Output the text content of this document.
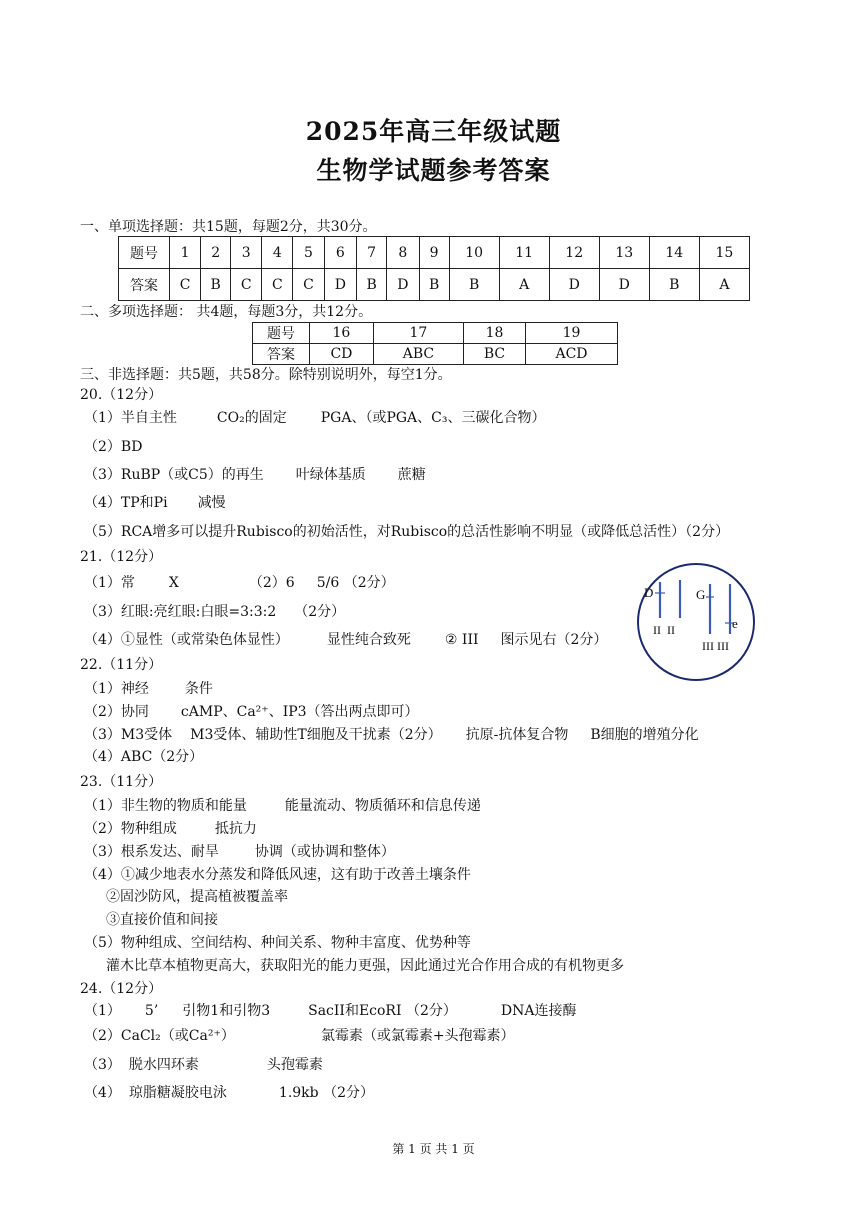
2025年高三年级试题
生物学试题参考答案
一、单项选择题：共15题，每题2分，共30分。
题号	1	2	3	4	5	6	7	8	9	10	11	12	13	14	15
答案	C	B	C	C	C	D	B	D	B	B	A	D	D	B	A
二、多项选择题： 共4题，每题3分，共12分。
题号	16	17	18	19
答案	CD	ABC	BC	ACD
三、非选择题：共5题，共58分。除特别说明外，每空1分。
20.（12分）
（1）半自主性	CO₂的固定 PGA、（或PGA、C₃、三碳化合物）
（2）BD
（3）RuBP（或C5）的再生 叶绿体基质 蔗糖
（4）TP和Pi 减慢
（5）RCA增多可以提升Rubisco的初始活性，对Rubisco的总活性影响不明显（或降低总活性）（2分）
21.（12分）
（1）常 X	（2）6 5/6 （2分）
（3）红眼:亮红眼:白眼=3:3:2 （2分）
（4）①显性（或常染色体显性）	显性纯合致死 ② III 图示见右（2分）
D	G
e
II  II
III III
22.（11分）
（1）神经	条件
（2）协同 cAMP、Ca²⁺、IP3（答出两点即可）
（3）M3受体 M3受体、辅助性T细胞及干扰素（2分） 抗原-抗体复合物 B细胞的增殖分化
（4）ABC（2分）
23.（11分）
（1）非生物的物质和能量	能量流动、物质循环和信息传递
（2）物种组成	抵抗力
（3）根系发达、耐旱	协调（或协调和整体）
（4）①减少地表水分蒸发和降低风速，这有助于改善土壤条件
②固沙防风，提高植被覆盖率
③直接价值和间接
（5）物种组成、空间结构、种间关系、物种丰富度、优势种等
灌木比草本植物更高大，获取阳光的能力更强，因此通过光合作用合成的有机物更多
24.（12分）
（1） 5’ 引物1和引物3	SacII和EcoRI （2分）	DNA连接酶
（2）CaCl₂（或Ca²⁺）	氯霉素（或氯霉素+头孢霉素）
（3） 脱水四环素	头孢霉素
（4） 琼脂糖凝胶电泳	1.9kb （2分）
第 1 页 共 1 页
